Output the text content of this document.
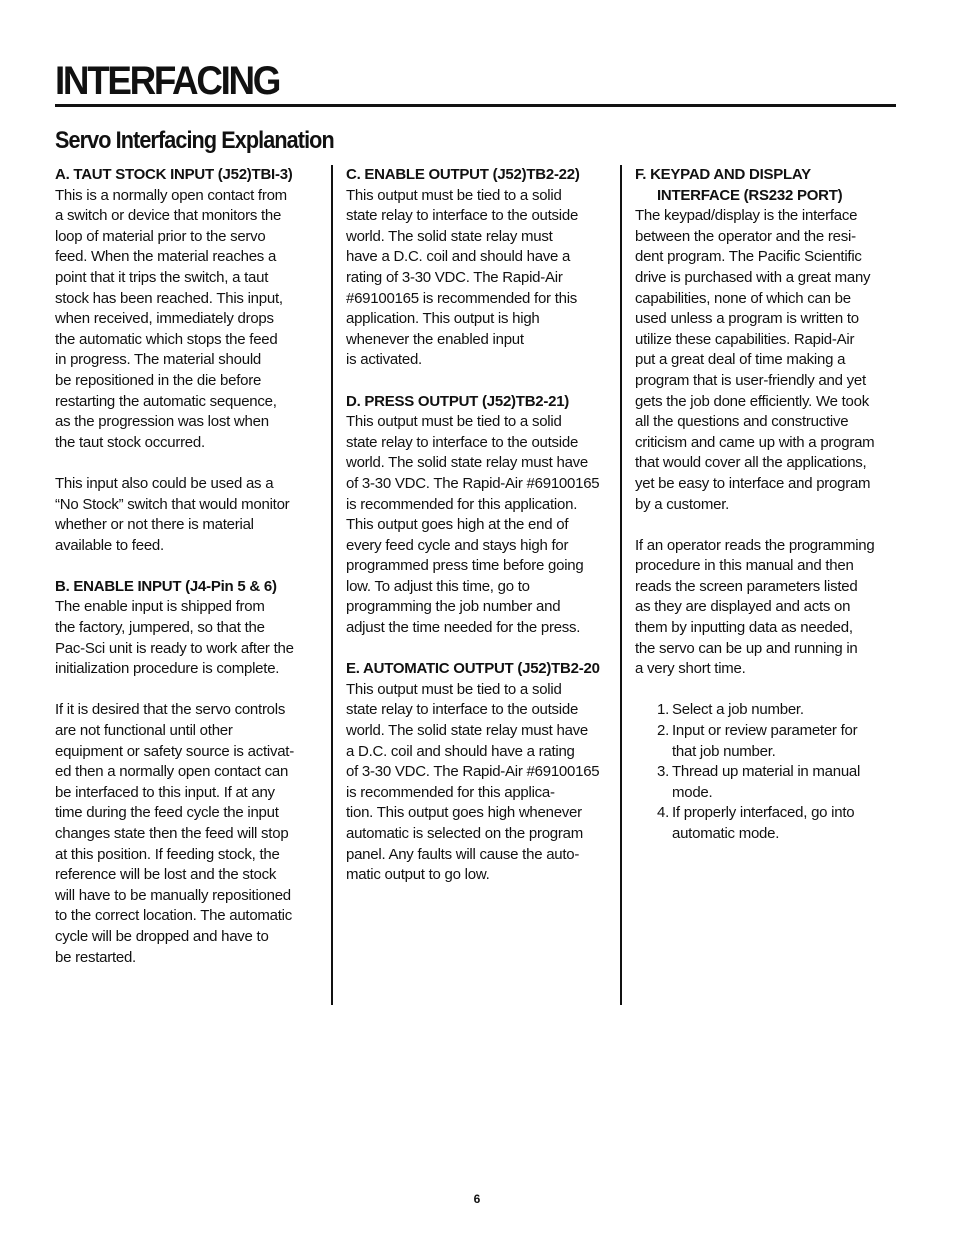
INTERFACING
Servo Interfacing Explanation
A. TAUT STOCK INPUT (J52)TBI-3)

This is a normally open contact from
a switch or device that monitors the
loop of material prior to the servo
feed. When the material reaches a
point that it trips the switch, a taut
stock has been reached. This input,
when received, immediately drops
the automatic which stops the feed
in progress. The material should
be repositioned in the die before
restarting the automatic sequence,
as the progression was lost when
the taut stock occurred.

This input also could be used as a
“No Stock” switch that would monitor
whether or not there is material
available to feed.

B. ENABLE INPUT (J4-Pin 5 & 6)

The enable input is shipped from
the factory, jumpered, so that the
Pac-Sci unit is ready to work after the
initialization procedure is complete.

If it is desired that the servo controls
are not functional until other
equipment or safety source is activat-
ed then a normally open contact can
be interfaced to this input. If at any
time during the feed cycle the input
changes state then the feed will stop
at this position. If feeding stock, the
reference will be lost and the stock
will have to be manually repositioned
to the correct location. The automatic
cycle will be dropped and have to
be restarted.

C. ENABLE OUTPUT (J52)TB2-22)

This output must be tied to a solid
state relay to interface to the outside
world. The solid state relay must
have a D.C. coil and should have a
rating of 3-30 VDC. The Rapid-Air
#69100165 is recommended for this
application. This output is high
whenever the enabled input
is activated.

D. PRESS OUTPUT (J52)TB2-21)

This output must be tied to a solid
state relay to interface to the outside
world. The solid state relay must have
of 3-30 VDC. The Rapid-Air #69100165
is recommended for this application.
This output goes high at the end of
every feed cycle and stays high for
programmed press time before going
low. To adjust this time, go to
programming the job number and
adjust the time needed for the press.

E. AUTOMATIC OUTPUT (J52)TB2-20

This output must be tied to a solid
state relay to interface to the outside
world. The solid state relay must have
a D.C. coil and should have a rating
of 3-30 VDC. The Rapid-Air #69100165
is recommended for this applica-
tion. This output goes high whenever
automatic is selected on the program
panel. Any faults will cause the auto-
matic output to go low.

F. KEYPAD AND DISPLAY
INTERFACE (RS232 PORT)

The keypad/display is the interface
between the operator and the resi-
dent program. The Pacific Scientific
drive is purchased with a great many
capabilities, none of which can be
used unless a program is written to
utilize these capabilities. Rapid-Air
put a great deal of time making a
program that is user-friendly and yet
gets the job done efficiently. We took
all the questions and constructive
criticism and came up with a program
that would cover all the applications,
yet be easy to interface and program
by a customer.

If an operator reads the programming
procedure in this manual and then
reads the screen parameters listed
as they are displayed and acts on
them by inputting data as needed,
the servo can be up and running in
a very short time.

1. Select a job number.

2. Input or review parameter for
that job number.

3. Thread up material in manual
mode.

4. If properly interfaced, go into
automatic mode.

6
